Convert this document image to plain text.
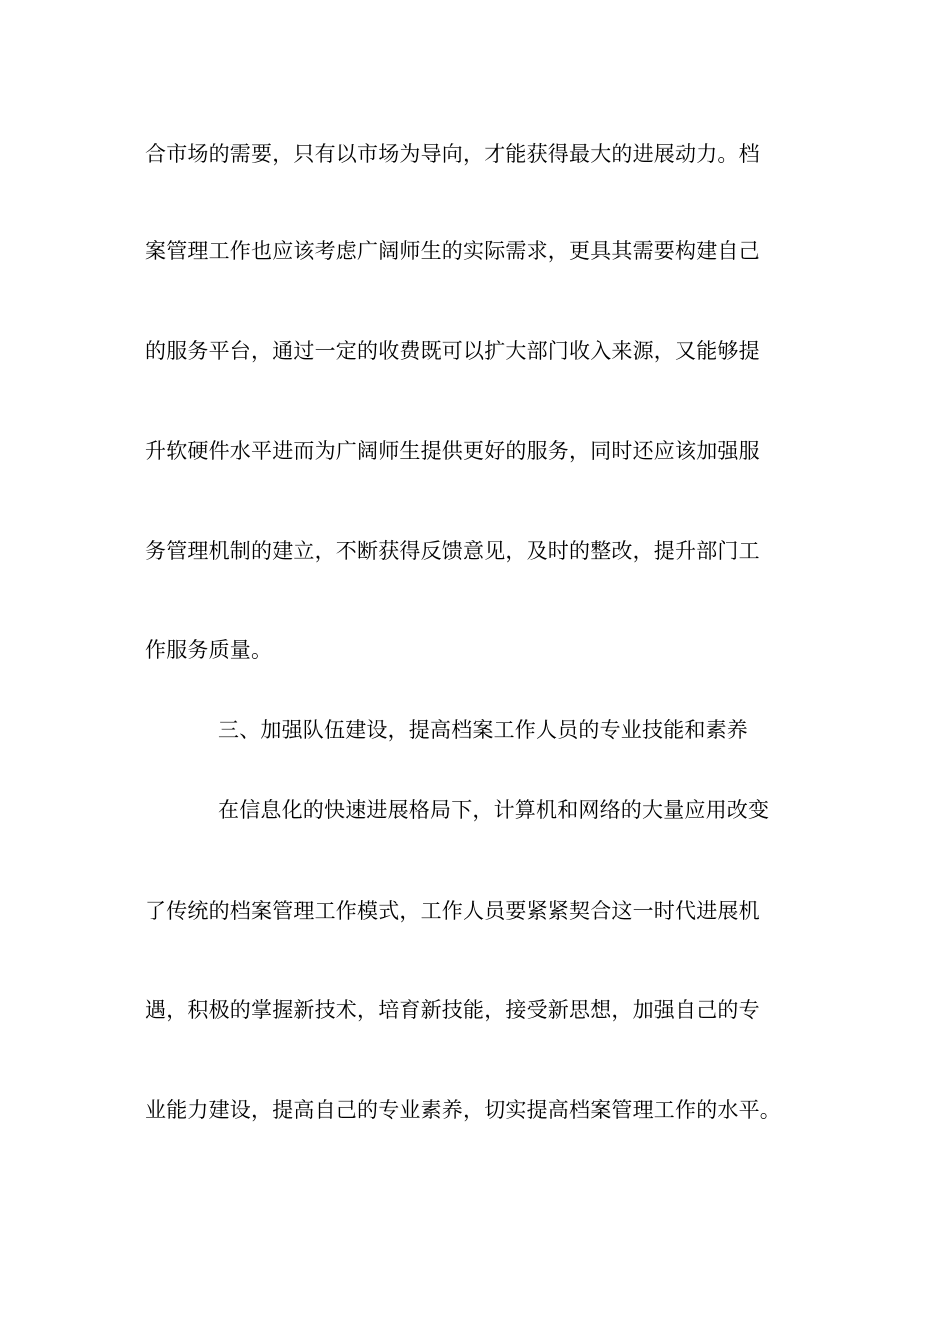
合市场的需要，只有以市场为导向，才能获得最大的进展动力。档
案管理工作也应该考虑广阔师生的实际需求，更具其需要构建自己
的服务平台，通过一定的收费既可以扩大部门收入来源，又能够提
升软硬件水平进而为广阔师生提供更好的服务，同时还应该加强服
务管理机制的建立，不断获得反馈意见，及时的整改，提升部门工
作服务质量。
三、加强队伍建设，提高档案工作人员的专业技能和素养
在信息化的快速进展格局下，计算机和网络的大量应用改变
了传统的档案管理工作模式，工作人员要紧紧契合这一时代进展机
遇，积极的掌握新技术，培育新技能，接受新思想，加强自己的专
业能力建设，提高自己的专业素养，切实提高档案管理工作的水平。
